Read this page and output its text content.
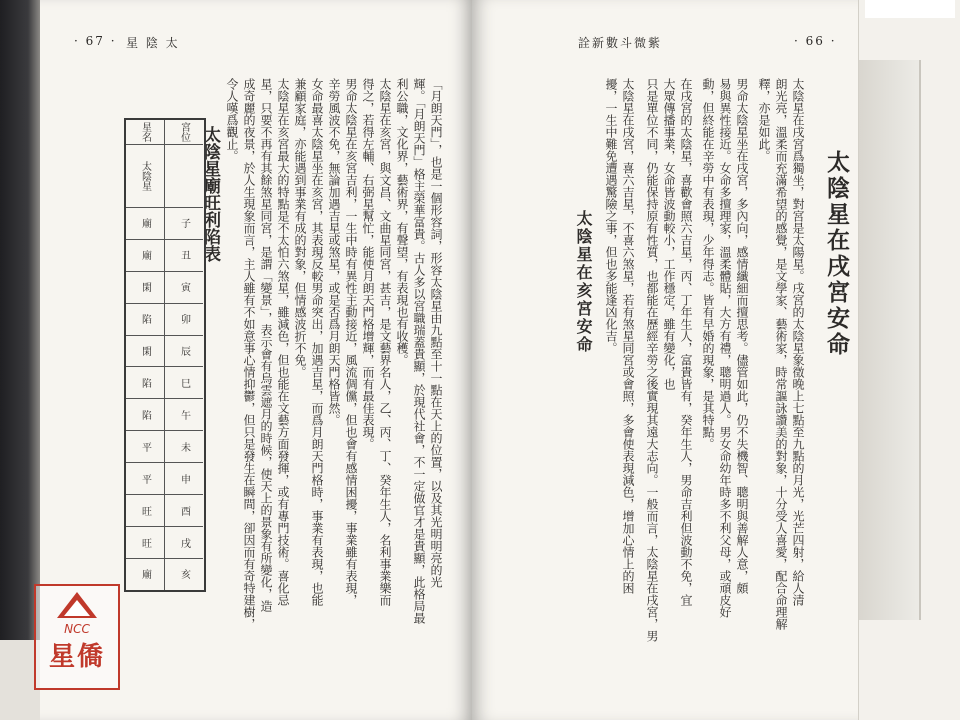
· 67 · 星 陰 太
太陰星廟旺利陷表
星名
太陰星
廟
廟
閑
陷
閑
陷
陷
平
平
旺
旺
廟
宮位
子
丑
寅
卯
辰
巳
午
未
申
酉
戌
亥
令人嘆爲觀止。 成奇麗的夜景，於人生現象而言，主人雖有不如意事心情抑鬱，但只是發生在瞬間，卻因而有奇特建樹， 星，只要不再有其餘煞星同宮，是謂「變景」，表示會有烏雲遮月的時候，使天上的景象有所變化，造 太陰星在亥宮最大的特點是不太怕六煞星，雖減色，但也能在文藝方面發揮，或有專門技術。喜化忌 兼顧家庭，亦能遇到事業有成的對象，但情感波折不免。 女命最喜太陰星坐在亥宮，其表現反較男命突出，加遇吉星，而爲月朗天門格時，事業有表現，也能 辛勞風波不免，無論加遇吉星或煞星，或是否爲月朗天門格皆然。 男命太陰星在亥宮吉利，一生中時有異性主動接近，風流倜儻，但也會有感情困擾，事業雖有表現， 得之，若得左輔、右弼星幫忙，能使月朗天門格增輝，而有最佳表現。 太陰星在亥宮，與文昌、文曲星同宮，甚吉，是文藝界名人，乙、丙、丁、癸年生人，名利事業樂而 利公職，文化界，藝術界，有聲望，有表現也有收穫。 輝。「月朗天門」格主榮華富貴。古人多以宮職瑞蓋貴顯，於現代社會，不一定做官才是貴顯，此格局最 「月朗天門」，也是一個形容詞，形容太陰星由九點至十一點在天上的位置，以及其光明明亮的光
詮新數斗微紫	· 66 ·
太陰星在戌宮安命
太陰星在戌宮爲獨坐，對宮是太陽星。戌宮的太陰星象徵晚上七點至九點的月光，光芒四射，給人清
朗光亮，溫柔而充滿希望的感覺，是文學家、藝術家，時常謳詠讚美的對象，十分受人喜愛，配合命理解
釋，亦是如此。
男命太陰星坐在戌宮，多內向，感情纖細而擅思考。儘管如此，仍不失機智、聰明與善解人意，頗
易與異性接近。女命多擅理家，溫柔體貼，大方有禮，聰明過人。男女命幼年時多不利父母，或頑皮好
動，但終能在辛勞中有表現，少年得志。皆有早婚的現象，是其特點。
在戌宮的太陰星，喜歡會照六吉星，丙、丁年生人，富貴皆有，癸年生人，男命吉利但波動不免，宜
大眾傳播事業，女命皆波動較小，工作穩定，雖有變化，也
只是單位不同，仍能保持原有性質，也都能在歷經辛勞之後實現其遠大志向。一般而言，太陰星在戌宮，男
太陰星在戌宮，喜六吉星，不喜六煞星，若有煞星同宮或會照，多會使表現減色，增加心情上的困
擾，一生中難免遭遇驚險之事，但也多能逢凶化吉。
太陰星在亥宮安命
NCC
星僑
